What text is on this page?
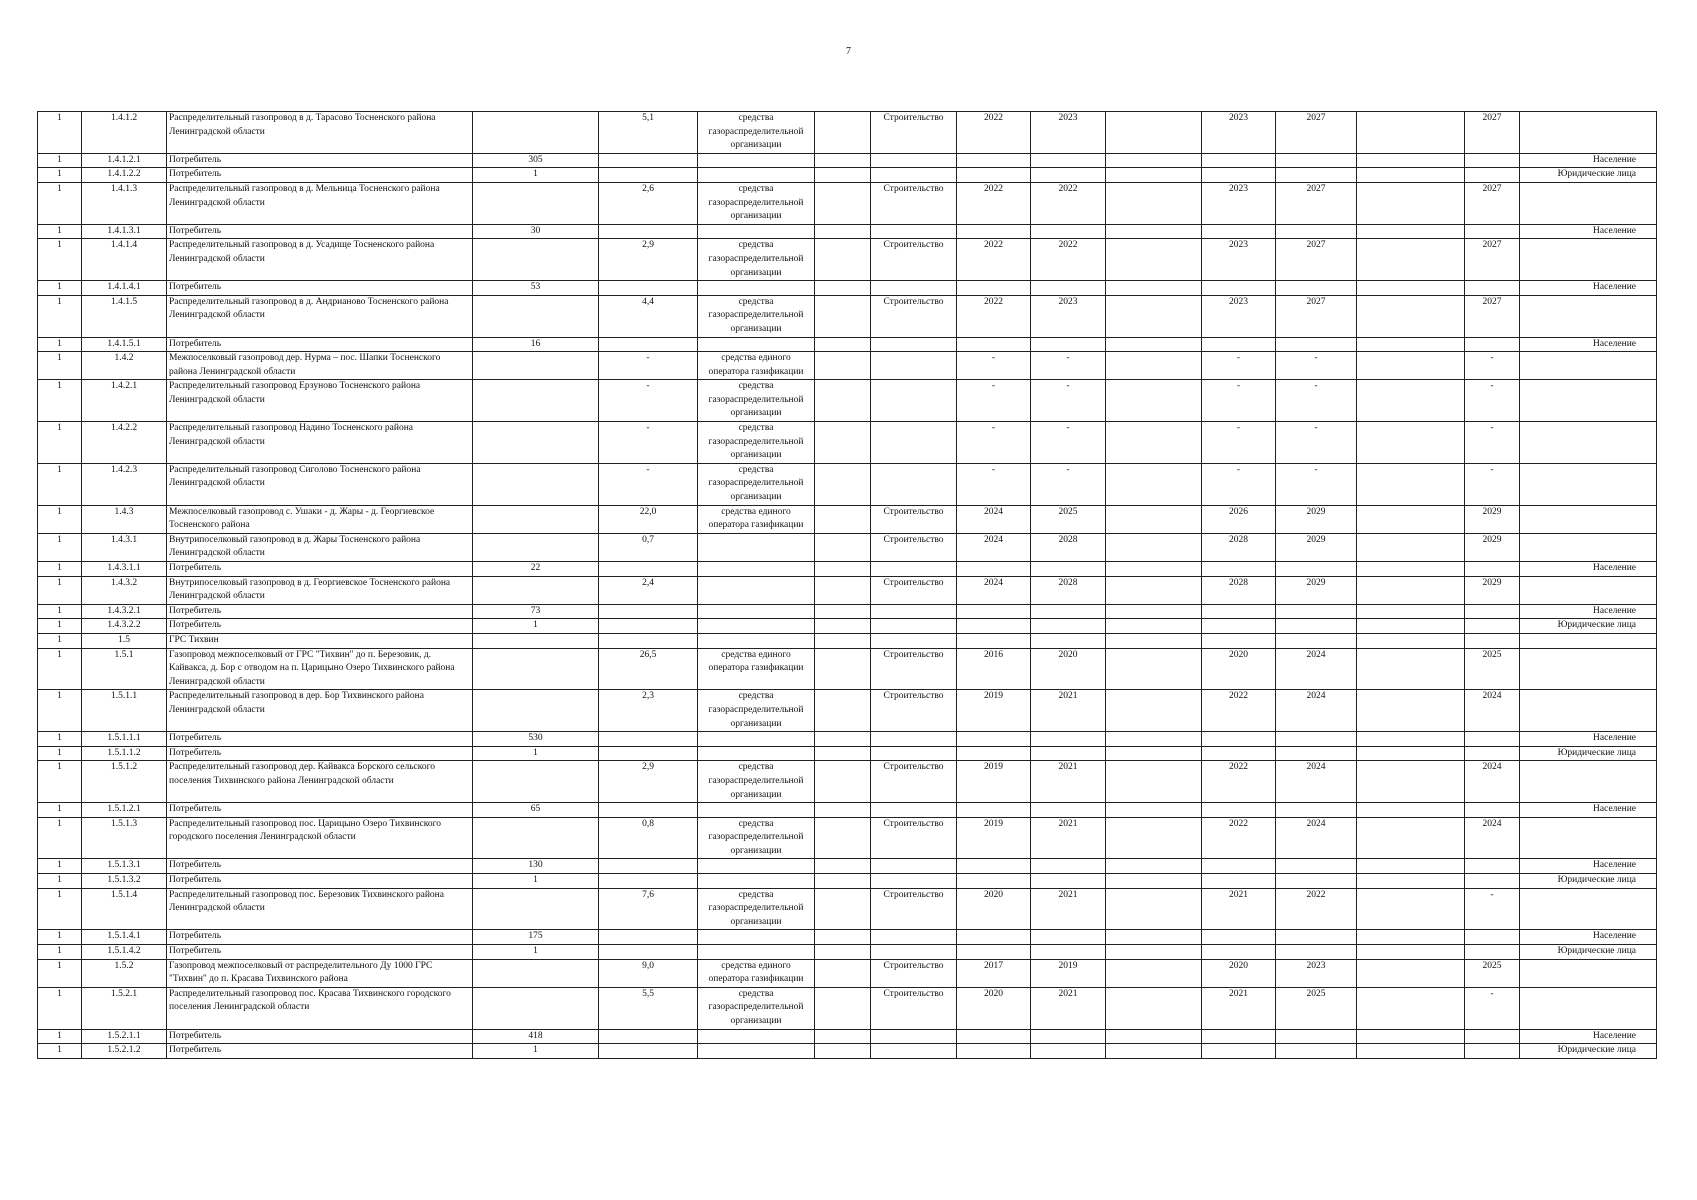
7
1	1.4.1.2	Распределительный газопровод в д. Тарасово Тосненского района Ленинградской области		5,1	средства газораспределительной организации		Строительство	2022	2023		2023	2027		2027	
1	1.4.1.2.1	Потребитель	305												Население
1	1.4.1.2.2	Потребитель	1												Юридические лица
1	1.4.1.3	Распределительный газопровод в д. Мельница Тосненского района Ленинградской области		2,6	средства газораспределительной организации		Строительство	2022	2022		2023	2027		2027	
1	1.4.1.3.1	Потребитель	30												Население
1	1.4.1.4	Распределительный газопровод в д. Усадище Тосненского района Ленинградской области		2,9	средства газораспределительной организации		Строительство	2022	2022		2023	2027		2027	
1	1.4.1.4.1	Потребитель	53												Население
1	1.4.1.5	Распределительный газопровод в д. Андрианово Тосненского района Ленинградской области		4,4	средства газораспределительной организации		Строительство	2022	2023		2023	2027		2027	
1	1.4.1.5.1	Потребитель	16												Население
1	1.4.2	Межпоселковый газопровод дер. Нурма – пос. Шапки Тосненского района Ленинградской области		-	средства единого оператора газификации			-	-		-	-		-	
1	1.4.2.1	Распределительный газопровод Ерзуново Тосненского района Ленинградской области		-	средства газораспределительной организации			-	-		-	-		-	
1	1.4.2.2	Распределительный газопровод Надино Тосненского района Ленинградской области		-	средства газораспределительной организации			-	-		-	-		-	
1	1.4.2.3	Распределительный газопровод Сиголово Тосненского района Ленинградской области		-	средства газораспределительной организации			-	-		-	-		-	
1	1.4.3	Межпоселковый газопровод с. Ушаки - д. Жары - д. Георгиевское Тосненского района		22,0	средства единого оператора газификации		Строительство	2024	2025		2026	2029		2029	
1	1.4.3.1	Внутрипоселковый газопровод в д. Жары Тосненского района Ленинградской области		0,7			Строительство	2024	2028		2028	2029		2029	
1	1.4.3.1.1	Потребитель	22												Население
1	1.4.3.2	Внутрипоселковый газопровод в д. Георгиевское Тосненского района Ленинградской области		2,4			Строительство	2024	2028		2028	2029		2029	
1	1.4.3.2.1	Потребитель	73												Население
1	1.4.3.2.2	Потребитель	1												Юридические лица
1	1.5	ГРС Тихвин													
1	1.5.1	Газопровод межпоселковый от ГРС "Тихвин" до п. Березовик, д. Кайвакса, д. Бор с отводом на п. Царицыно Озеро Тихвинского района Ленинградской области		26,5	средства единого оператора газификации		Строительство	2016	2020		2020	2024		2025	
1	1.5.1.1	Распределительный газопровод в дер. Бор Тихвинского района Ленинградской области		2,3	средства газораспределительной организации		Строительство	2019	2021		2022	2024		2024	
1	1.5.1.1.1	Потребитель	530												Население
1	1.5.1.1.2	Потребитель	1												Юридические лица
1	1.5.1.2	Распределительный газопровод дер. Кайвакса Борского сельского поселения Тихвинского района Ленинградской области		2,9	средства газораспределительной организации		Строительство	2019	2021		2022	2024		2024	
1	1.5.1.2.1	Потребитель	65												Население
1	1.5.1.3	Распределительный газопровод пос. Царицыно Озеро Тихвинского городского поселения Ленинградской области		0,8	средства газораспределительной организации		Строительство	2019	2021		2022	2024		2024	
1	1.5.1.3.1	Потребитель	130												Население
1	1.5.1.3.2	Потребитель	1												Юридические лица
1	1.5.1.4	Распределительный газопровод пос. Березовик Тихвинского района Ленинградской области		7,6	средства газораспределительной организации		Строительство	2020	2021		2021	2022		-	
1	1.5.1.4.1	Потребитель	175												Население
1	1.5.1.4.2	Потребитель	1												Юридические лица
1	1.5.2	Газопровод межпоселковый от распределительного Ду 1000 ГРС "Тихвин" до п. Красава Тихвинского района		9,0	средства единого оператора газификации		Строительство	2017	2019		2020	2023		2025	
1	1.5.2.1	Распределительный газопровод пос. Красава Тихвинского городского поселения Ленинградской области		5,5	средства газораспределительной организации		Строительство	2020	2021		2021	2025		-	
1	1.5.2.1.1	Потребитель	418												Население
1	1.5.2.1.2	Потребитель	1												Юридические лица
